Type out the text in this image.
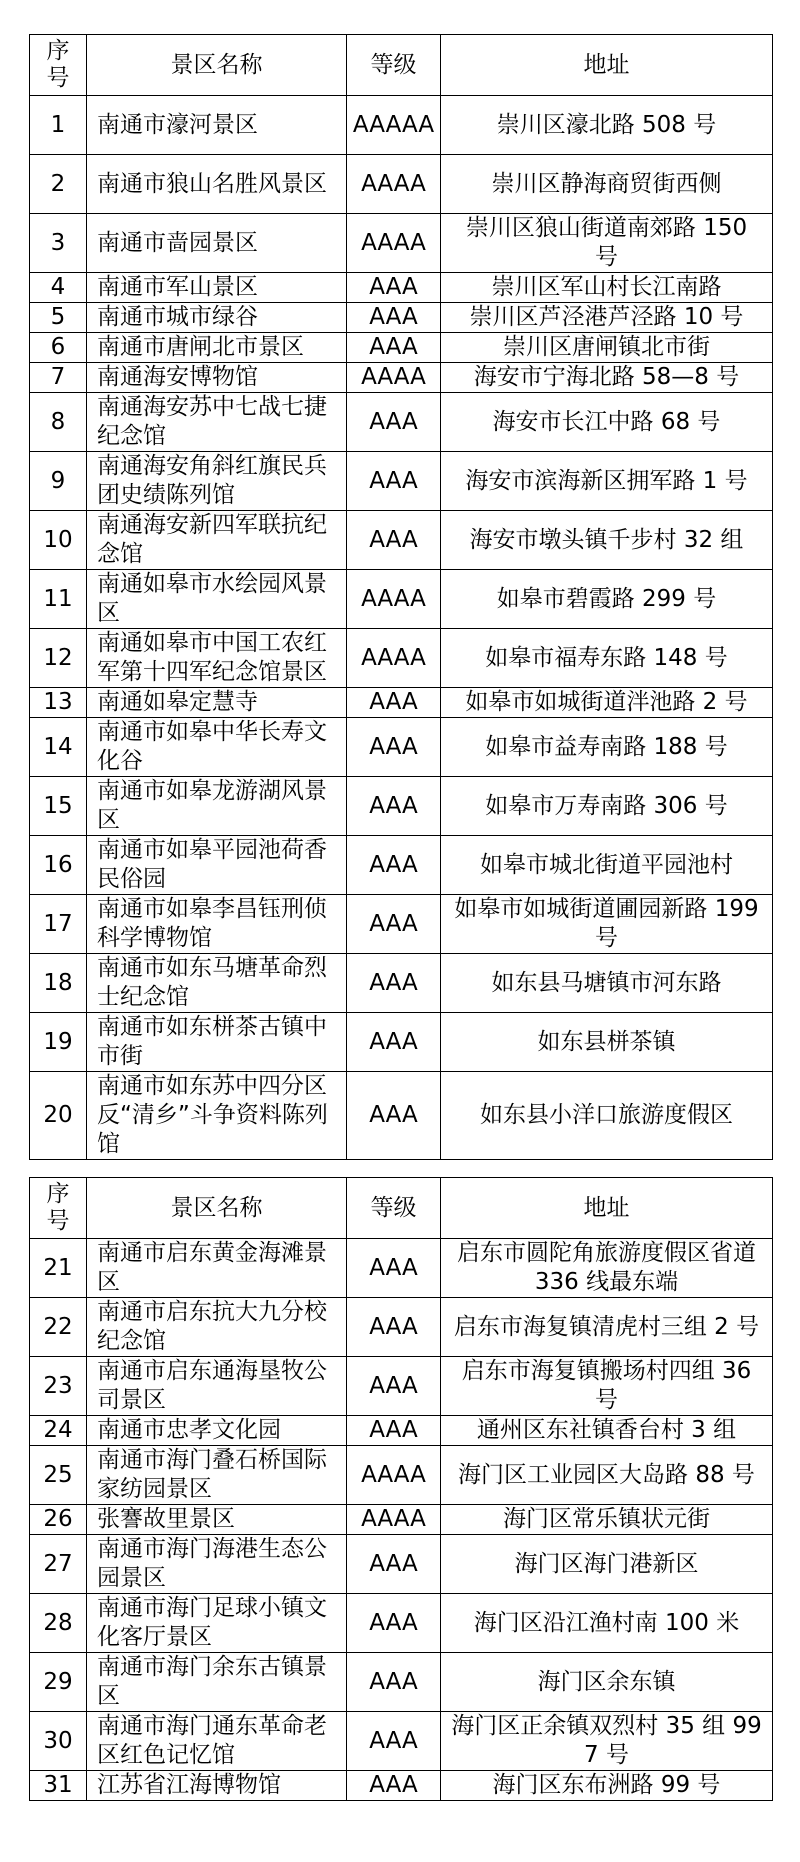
序号	景区名称	等级	地址
1	南通市濠河景区	AAAAA	崇川区濠北路 508 号
2	南通市狼山名胜风景区	AAAA	崇川区静海商贸街西侧
3	南通市啬园景区	AAAA	崇川区狼山街道南郊路 150 号
4	南通市军山景区	AAA	崇川区军山村长江南路
5	南通市城市绿谷	AAA	崇川区芦泾港芦泾路 10 号
6	南通市唐闸北市景区	AAA	崇川区唐闸镇北市街
7	南通海安博物馆	AAAA	海安市宁海北路 58—8 号
8	南通海安苏中七战七捷纪念馆	AAA	海安市长江中路 68 号
9	南通海安角斜红旗民兵团史绩陈列馆	AAA	海安市滨海新区拥军路 1 号
10	南通海安新四军联抗纪念馆	AAA	海安市墩头镇千步村 32 组
11	南通如皋市水绘园风景区	AAAA	如皋市碧霞路 299 号
12	南通如皋市中国工农红军第十四军纪念馆景区	AAAA	如皋市福寿东路 148 号
13	南通如皋定慧寺	AAA	如皋市如城街道泮池路 2 号
14	南通市如皋中华长寿文化谷	AAA	如皋市益寿南路 188 号
15	南通市如皋龙游湖风景区	AAA	如皋市万寿南路 306 号
16	南通市如皋平园池荷香民俗园	AAA	如皋市城北街道平园池村
17	南通市如皋李昌钰刑侦科学博物馆	AAA	如皋市如城街道圃园新路 199 号
18	南通市如东马塘革命烈士纪念馆	AAA	如东县马塘镇市河东路
19	南通市如东栟茶古镇中市街	AAA	如东县栟茶镇
20	南通市如东苏中四分区反“清乡”斗争资料陈列馆	AAA	如东县小洋口旅游度假区
序号	景区名称	等级	地址
21	南通市启东黄金海滩景区	AAA	启东市圆陀角旅游度假区省道 336 线最东端
22	南通市启东抗大九分校纪念馆	AAA	启东市海复镇清虎村三组 2 号
23	南通市启东通海垦牧公司景区	AAA	启东市海复镇搬场村四组 36 号
24	南通市忠孝文化园	AAA	通州区东社镇香台村 3 组
25	南通市海门叠石桥国际家纺园景区	AAAA	海门区工业园区大岛路 88 号
26	张謇故里景区	AAAA	海门区常乐镇状元街
27	南通市海门海港生态公园景区	AAA	海门区海门港新区
28	南通市海门足球小镇文化客厅景区	AAA	海门区沿江渔村南 100 米
29	南通市海门余东古镇景区	AAA	海门区余东镇
30	南通市海门通东革命老区红色记忆馆	AAA	海门区正余镇双烈村 35 组 997 号
31	江苏省江海博物馆	AAA	海门区东布洲路 99 号
